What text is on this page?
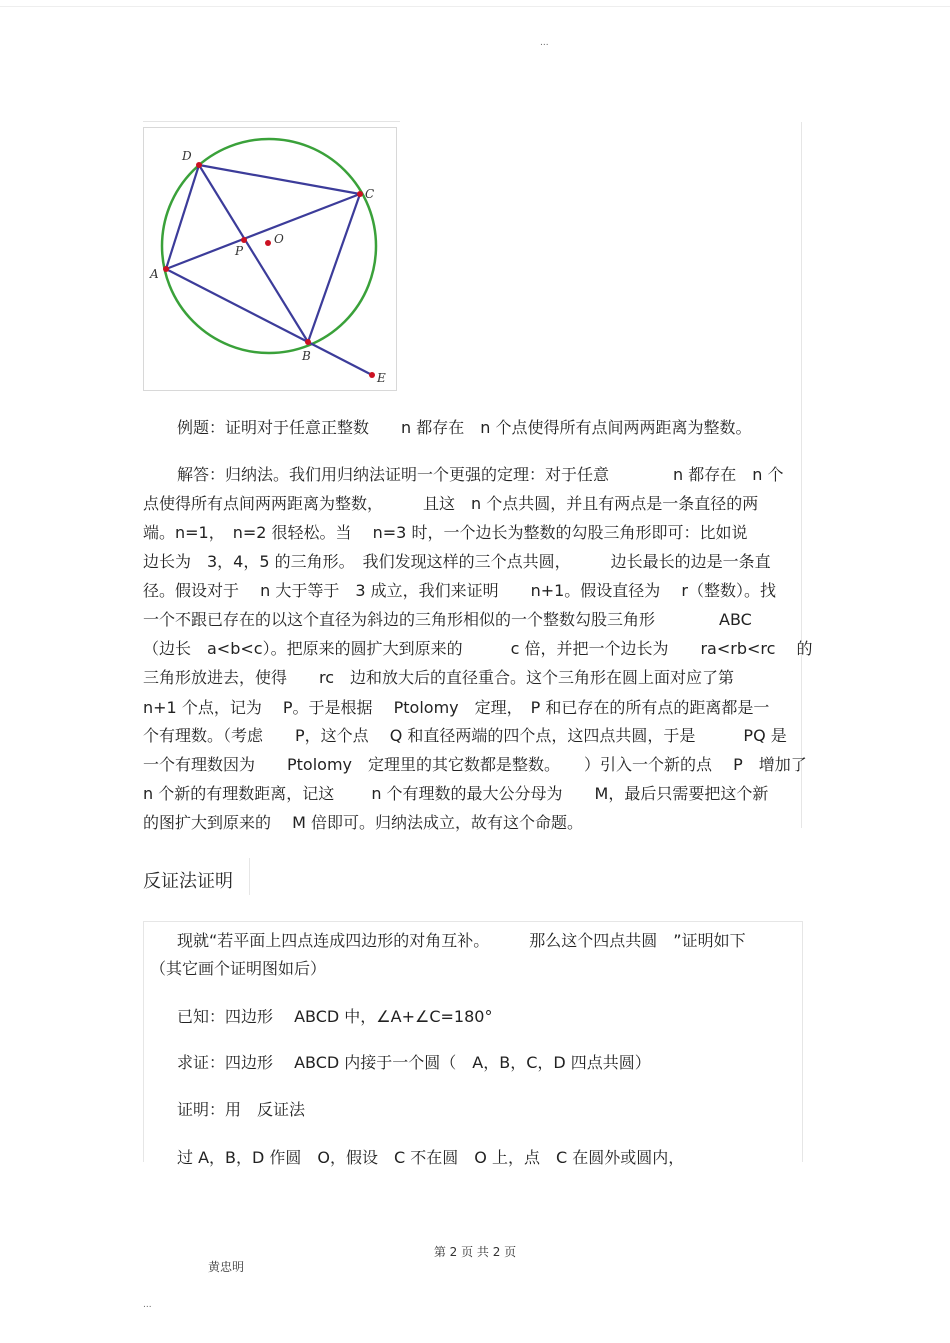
...
D
C
A
B
E
P
O

例题：证明对于任意正整数　　n 都存在　n 个点使得所有点间两两距离为整数。

解答：归纳法。我们用归纳法证明一个更强的定理：对于任意　　　　n 都存在　n 个

点使得所有点间两两距离为整数，　　　且这　n 个点共圆，并且有两点是一条直径的两

端。n=1，　n=2 很轻松。当　 n=3 时，一个边长为整数的勾股三角形即可：比如说

边长为　3，4，5 的三角形。　我们发现这样的三个点共圆，　　　边长最长的边是一条直

径。假设对于　 n 大于等于　3 成立，我们来证明　　n+1。假设直径为　 r（整数）。找

一个不跟已存在的以这个直径为斜边的三角形相似的一个整数勾股三角形　　　　ABC

（边长　a<b<c）。把原来的圆扩大到原来的　　　c 倍，并把一个边长为　　ra<rb<rc　 的

三角形放进去，使得　　rc　边和放大后的直径重合。这个三角形在圆上面对应了第

n+1 个点，记为　 P。于是根据　 Ptolomy　定理，　P 和已存在的所有点的距离都是一

个有理数。（考虑　　P，这个点　 Q 和直径两端的四个点，这四点共圆，于是　　　PQ 是

一个有理数因为　　Ptolomy　定理里的其它数都是整数。　　）引入一个新的点　 P　增加了

n 个新的有理数距离，记这　　 n 个有理数的最大公分母为　　M，最后只需要把这个新

的图扩大到原来的　 M 倍即可。归纳法成立，故有这个命题。

反证法证明

现就“若平面上四点连成四边形的对角互补。　　　那么这个四点共圆　”证明如下

（其它画个证明图如后）

已知：四边形　 ABCD 中，∠A+∠C=180°

求证：四边形　 ABCD 内接于一个圆（　A，B，C，D 四点共圆）

证明：用　反证法

过 A，B，D 作圆　O，假设　C 不在圆　O 上，点　C 在圆外或圆内，

第 2 页 共 2 页
黄忠明
...
